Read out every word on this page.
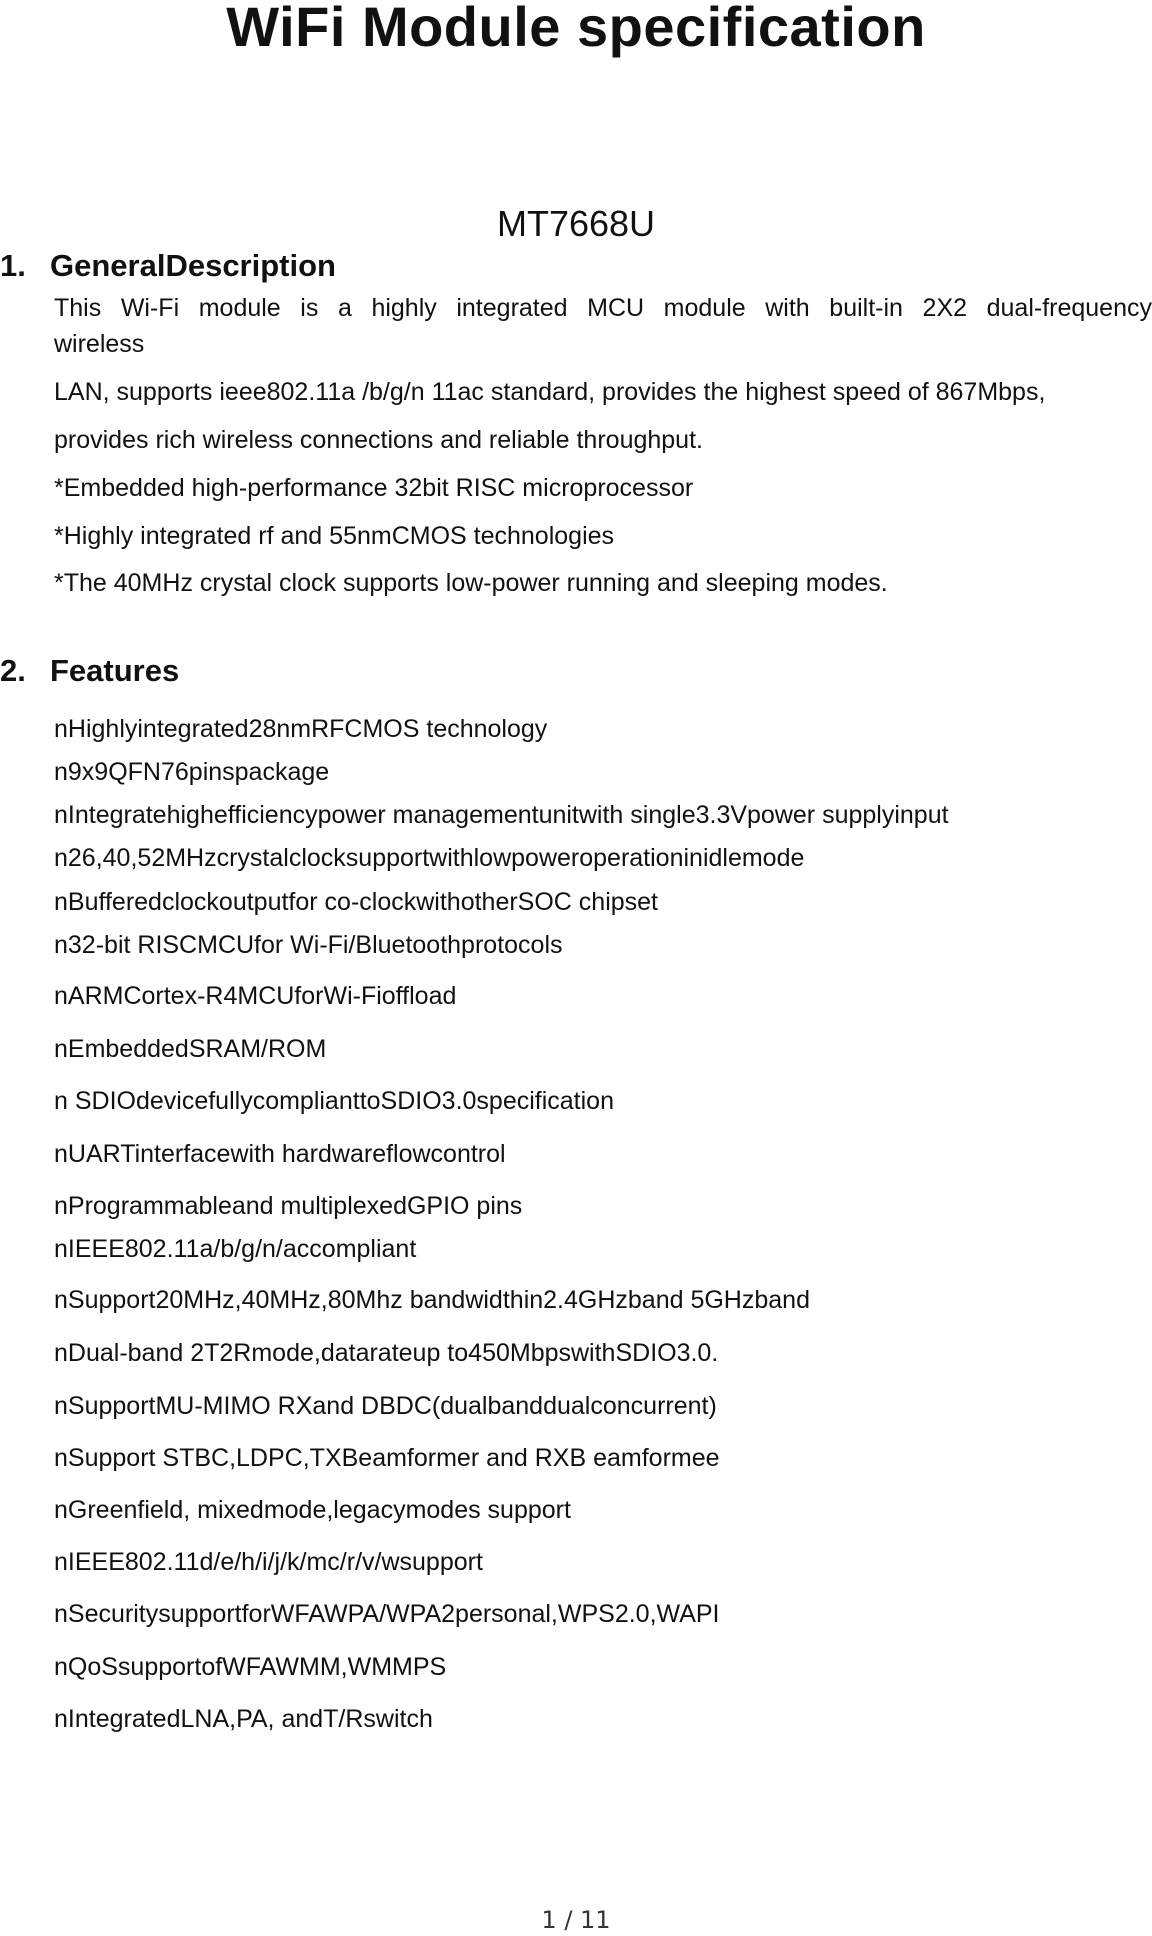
WiFi Module specification
MT7668U
1. GeneralDescription
This Wi-Fi module is a highly integrated MCU module with built-in 2X2 dual-frequency
wireless
LAN, supports ieee802.11a /b/g/n 11ac standard, provides the highest speed of 867Mbps,
provides rich wireless connections and reliable throughput.
*Embedded high-performance 32bit RISC microprocessor
*Highly integrated rf and 55nmCMOS technologies
*The 40MHz crystal clock supports low-power running and sleeping modes.
2. Features
nHighlyintegrated28nmRFCMOS technology
n9x9QFN76pinspackage
nIntegratehighefficiencypower managementunitwith single3.3Vpower supplyinput
n26,40,52MHzcrystalclocksupportwithlowpoweroperationinidlemode
nBufferedclockoutputfor co-clockwithotherSOC chipset
n32-bit RISCMCUfor Wi-Fi/Bluetoothprotocols
nARMCortex-R4MCUforWi-Fioffload
nEmbeddedSRAM/ROM
n SDIOdevicefullycomplianttoSDIO3.0specification
nUARTinterfacewith hardwareflowcontrol
nProgrammableand multiplexedGPIO pins
nIEEE802.11a/b/g/n/accompliant
nSupport20MHz,40MHz,80Mhz bandwidthin2.4GHzband 5GHzband
nDual-band 2T2Rmode,datarateup to450MbpswithSDIO3.0.
nSupportMU-MIMO RXand DBDC(dualbanddualconcurrent)
nSupport STBC,LDPC,TXBeamformer and RXB eamformee
nGreenfield, mixedmode,legacymodes support
nIEEE802.11d/e/h/i/j/k/mc/r/v/wsupport
nSecuritysupportforWFAWPA/WPA2personal,WPS2.0,WAPI
nQoSsupportofWFAWMM,WMMPS
nIntegratedLNA,PA, andT/Rswitch
1 / 11
